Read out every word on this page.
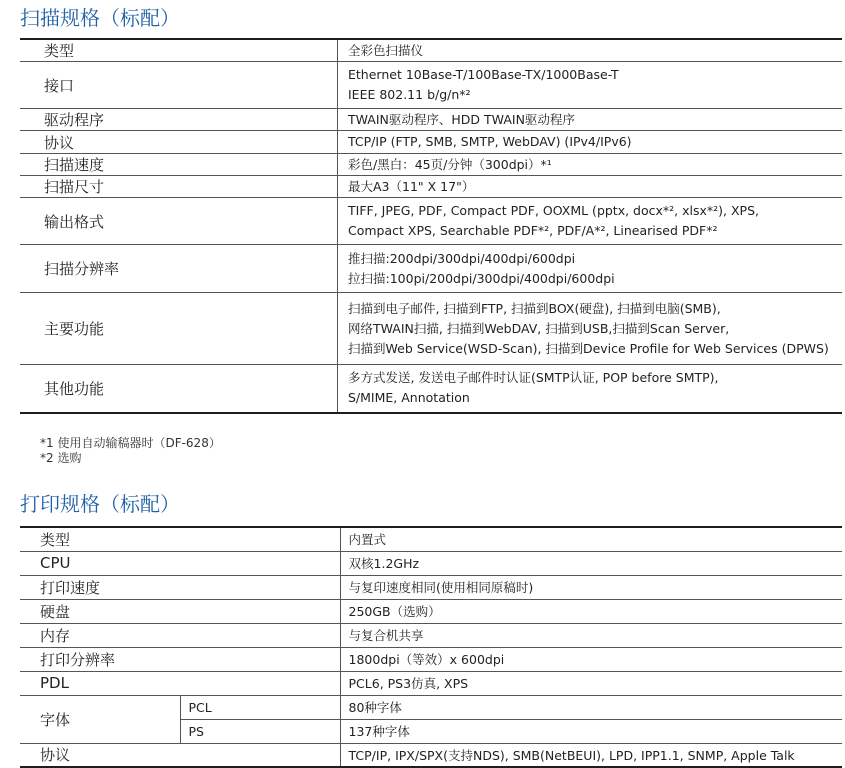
扫描规格（标配）
类型	全彩色扫描仪

接口	Ethernet 10Base-T/100Base-TX/1000Base-T
IEEE 802.11 b/g/n*²

驱动程序	TWAIN驱动程序、HDD TWAIN驱动程序

协议	TCP/IP (FTP, SMB, SMTP, WebDAV) (IPv4/IPv6)

扫描速度	彩色/黑白：45页/分钟（300dpi）*¹

扫描尺寸	最大A3（11" X 17"）

输出格式	TIFF, JPEG, PDF, Compact PDF, OOXML (pptx, docx*², xlsx*²), XPS,
Compact XPS, Searchable PDF*², PDF/A*², Linearised PDF*²

扫描分辨率	推扫描:200dpi/300dpi/400dpi/600dpi
拉扫描:100pi/200dpi/300dpi/400dpi/600dpi

主要功能	扫描到电子邮件, 扫描到FTP, 扫描到BOX(硬盘), 扫描到电脑(SMB),
网络TWAIN扫描, 扫描到WebDAV, 扫描到USB,扫描到Scan Server,
扫描到Web Service(WSD-Scan), 扫描到Device Profile for Web Services (DPWS)

其他功能	多方式发送, 发送电子邮件时认证(SMTP认证, POP before SMTP),
S/MIME, Annotation
*1 使用自动输稿器时（DF-628）
*2 选购
打印规格（标配）
类型		内置式
CPU		双核1.2GHz
打印速度		与复印速度相同(使用相同原稿时)
硬盘		250GB（选购）
内存		与复合机共享
打印分辨率		1800dpi（等效）x 600dpi
PDL		PCL6, PS3仿真, XPS
字体	PCL	80种字体
	PS	137种字体
协议		TCP/IP, IPX/SPX(支持NDS), SMB(NetBEUI), LPD, IPP1.1, SNMP, Apple Talk
